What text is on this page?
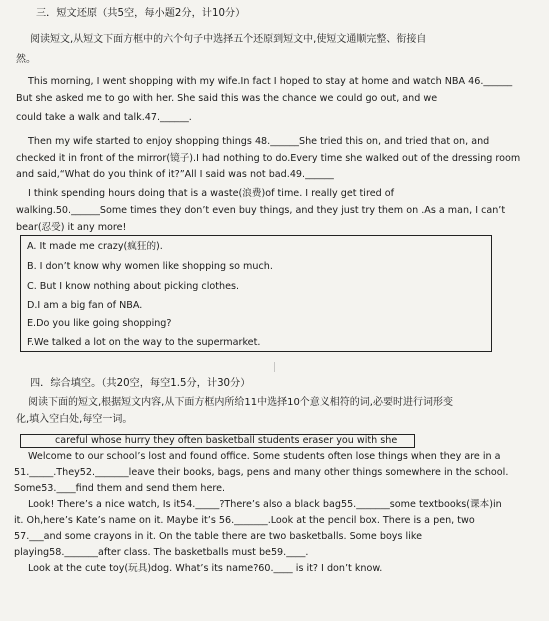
三．短文还原（共5空，每小题2分，计10分）
阅读短文,从短文下面方框中的六个句子中选择五个还原到短文中,使短文通顺完整、衔接自
然。
This morning, I went shopping with my wife.In fact I hoped to stay at home and watch NBA 46.______
But she asked me to go with her. She said this was the chance we could go out, and we
could take a walk and talk.47.______.
Then my wife started to enjoy shopping things 48.______She tried this on, and tried that on, and
checked it in front of the mirror(镜子).I had nothing to do.Every time she walked out of the dressing room
and said,“What do you think of it?”All I said was not bad.49.______
I think spending hours doing that is a waste(浪费)of time. I really get tired of
walking.50.______Some times they don’t even buy things, and they just try them on .As a man, I can’t
bear(忍受) it any more!
A. It made me crazy(疯狂的).
B. I don’t know why women like shopping so much.
C. But I know nothing about picking clothes.
D.I am a big fan of NBA.
E.Do you like going shopping?
F.We talked a lot on the way to the supermarket.
四．综合填空。（共20空，每空1.5分，计30分）
阅读下面的短文,根据短文内容,从下面方框内所给11中选择10个意义相符的词,必要时进行词形变
化,填入空白处,每空一词。
careful whose hurry they often basketball students eraser you with she
Welcome to our school’s lost and found office. Some students often lose things when they are in a
51._____.They52._______leave their books, bags, pens and many other things somewhere in the school.
Some53.____find them and send them here.
Look! There’s a nice watch, Is it54._____?There’s also a black bag55._______some textbooks(课本)in
it. Oh,here’s Kate’s name on it. Maybe it’s 56._______.Look at the pencil box. There is a pen, two
57.___and some crayons in it. On the table there are two basketballs. Some boys like
playing58._______after class. The basketballs must be59.____.
Look at the cute toy(玩具)dog. What’s its name?60.____ is it? I don’t know.
